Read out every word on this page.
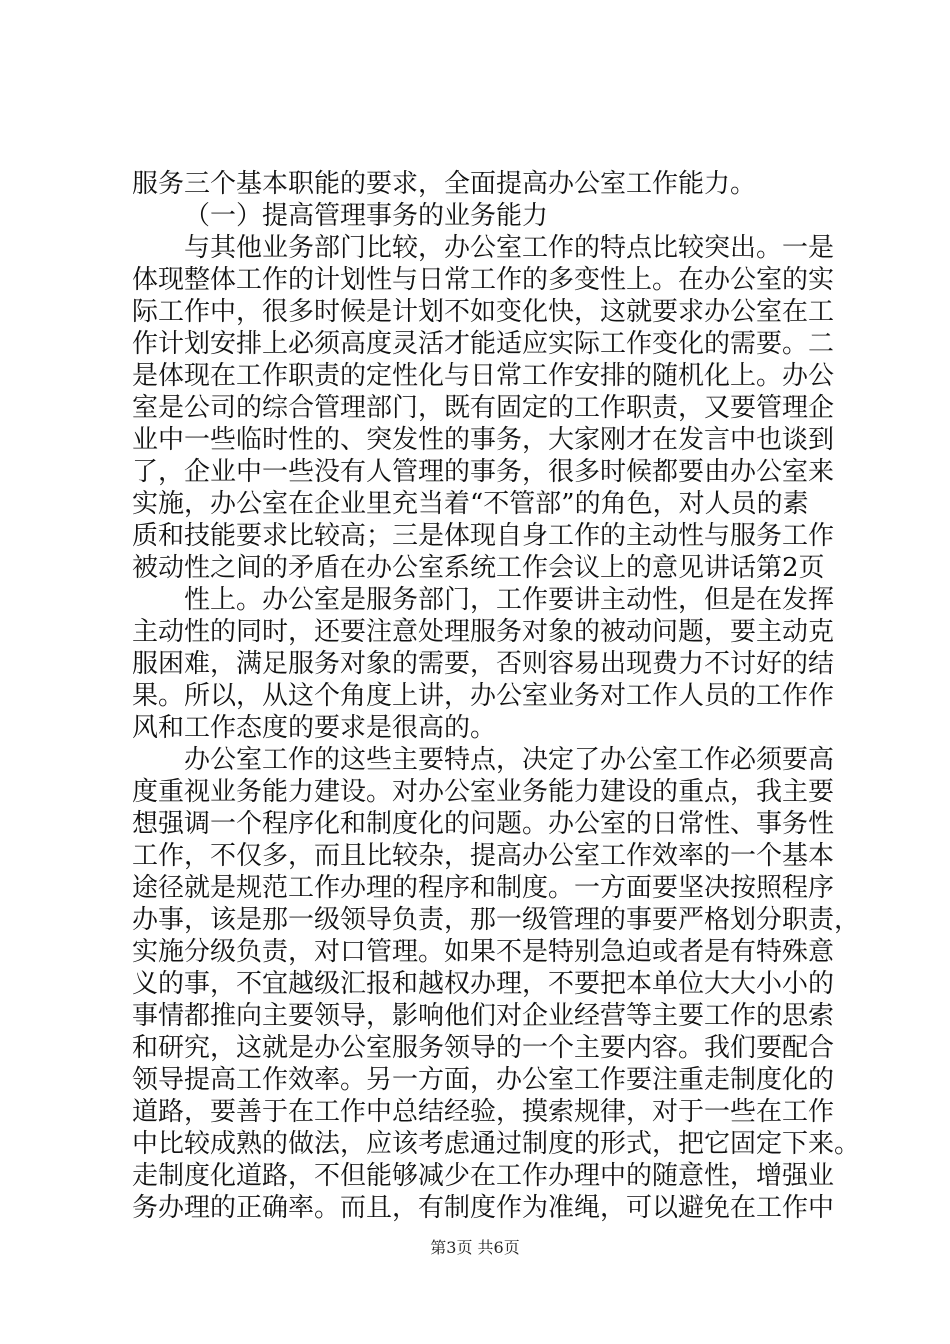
服务三个基本职能的要求，全面提高办公室工作能力。
（一）提高管理事务的业务能力
与其他业务部门比较，办公室工作的特点比较突出。一是
体现整体工作的计划性与日常工作的多变性上。在办公室的实
际工作中，很多时候是计划不如变化快，这就要求办公室在工
作计划安排上必须高度灵活才能适应实际工作变化的需要。二
是体现在工作职责的定性化与日常工作安排的随机化上。办公
室是公司的综合管理部门，既有固定的工作职责，又要管理企
业中一些临时性的、突发性的事务，大家刚才在发言中也谈到
了，企业中一些没有人管理的事务，很多时候都要由办公室来
实施，办公室在企业里充当着“不管部”的角色，对人员的素
质和技能要求比较高；三是体现自身工作的主动性与服务工作
被动性之间的矛盾在办公室系统工作会议上的意见讲话第2页
性上。办公室是服务部门，工作要讲主动性，但是在发挥
主动性的同时，还要注意处理服务对象的被动问题，要主动克
服困难，满足服务对象的需要，否则容易出现费力不讨好的结
果。所以，从这个角度上讲，办公室业务对工作人员的工作作
风和工作态度的要求是很高的。
办公室工作的这些主要特点，决定了办公室工作必须要高
度重视业务能力建设。对办公室业务能力建设的重点，我主要
想强调一个程序化和制度化的问题。办公室的日常性、事务性
工作，不仅多，而且比较杂，提高办公室工作效率的一个基本
途径就是规范工作办理的程序和制度。一方面要坚决按照程序
办事，该是那一级领导负责，那一级管理的事要严格划分职责，
实施分级负责，对口管理。如果不是特别急迫或者是有特殊意
义的事，不宜越级汇报和越权办理，不要把本单位大大小小的
事情都推向主要领导，影响他们对企业经营等主要工作的思索
和研究，这就是办公室服务领导的一个主要内容。我们要配合
领导提高工作效率。另一方面，办公室工作要注重走制度化的
道路，要善于在工作中总结经验，摸索规律，对于一些在工作
中比较成熟的做法，应该考虑通过制度的形式，把它固定下来。
走制度化道路，不但能够减少在工作办理中的随意性，增强业
务办理的正确率。而且，有制度作为准绳，可以避免在工作中
第3页 共6页
